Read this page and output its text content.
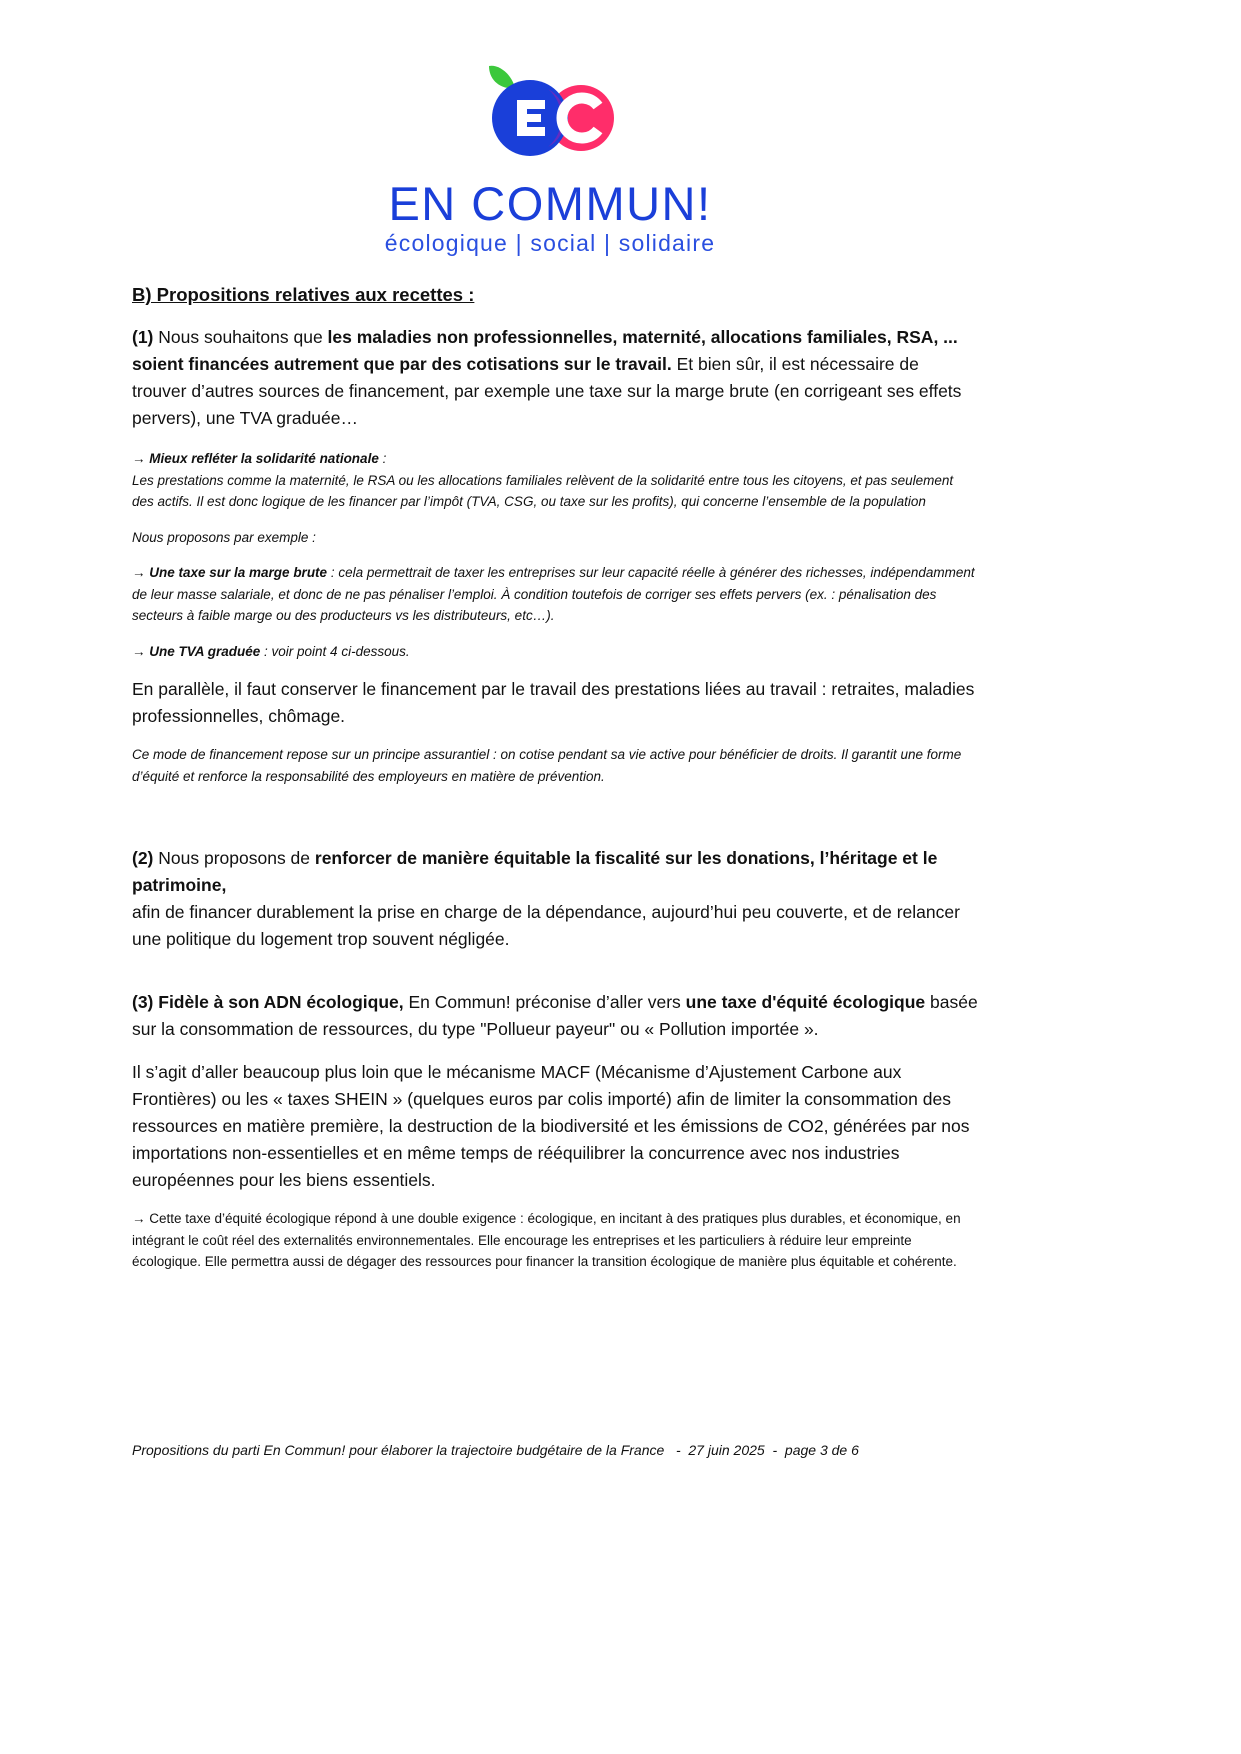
EN COMMUN!
écologique | social | solidaire

B) Propositions relatives aux recettes :

(1) Nous souhaitons que les maladies non professionnelles, maternité, allocations familiales, RSA, ... soient financées autrement que par des cotisations sur le travail. Et bien sûr, il est nécessaire de trouver d’autres sources de financement, par exemple une taxe sur la marge brute (en corrigeant ses effets pervers), une TVA graduée…

→ Mieux refléter la solidarité nationale :
Les prestations comme la maternité, le RSA ou les allocations familiales relèvent de la solidarité entre tous les citoyens, et pas seulement des actifs. Il est donc logique de les financer par l’impôt (TVA, CSG, ou taxe sur les profits), qui concerne l’ensemble de la population

Nous proposons par exemple :

→ Une taxe sur la marge brute : cela permettrait de taxer les entreprises sur leur capacité réelle à générer des richesses, indépendamment de leur masse salariale, et donc de ne pas pénaliser l’emploi. À condition toutefois de corriger ses effets pervers (ex. : pénalisation des secteurs à faible marge ou des producteurs vs les distributeurs, etc…).

→ Une TVA graduée : voir point 4 ci-dessous.

En parallèle, il faut conserver le financement par le travail des prestations liées au travail : retraites, maladies professionnelles, chômage.

Ce mode de financement repose sur un principe assurantiel : on cotise pendant sa vie active pour bénéficier de droits. Il garantit une forme d’équité et renforce la responsabilité des employeurs en matière de prévention.

(2) Nous proposons de renforcer de manière équitable la fiscalité sur les donations, l’héritage et le patrimoine,
afin de financer durablement la prise en charge de la dépendance, aujourd’hui peu couverte, et de relancer une politique du logement trop souvent négligée.

(3) Fidèle à son ADN écologique, En Commun! préconise d’aller vers une taxe d'équité écologique basée sur la consommation de ressources, du type "Pollueur payeur" ou « Pollution importée ».

Il s’agit d’aller beaucoup plus loin que le mécanisme MACF (Mécanisme d’Ajustement Carbone aux Frontières) ou les « taxes SHEIN » (quelques euros par colis importé) afin de limiter la consommation des ressources en matière première, la destruction de la biodiversité et les émissions de CO2, générées par nos importations non-essentielles et en même temps de rééquilibrer la concurrence avec nos industries européennes pour les biens essentiels.

→ Cette taxe d’équité écologique répond à une double exigence : écologique, en incitant à des pratiques plus durables, et économique, en intégrant le coût réel des externalités environnementales. Elle encourage les entreprises et les particuliers à réduire leur empreinte écologique. Elle permettra aussi de dégager des ressources pour financer la transition écologique de manière plus équitable et cohérente.

Propositions du parti En Commun! pour élaborer la trajectoire budgétaire de la France   -  27 juin 2025  -  page 3 de 6
